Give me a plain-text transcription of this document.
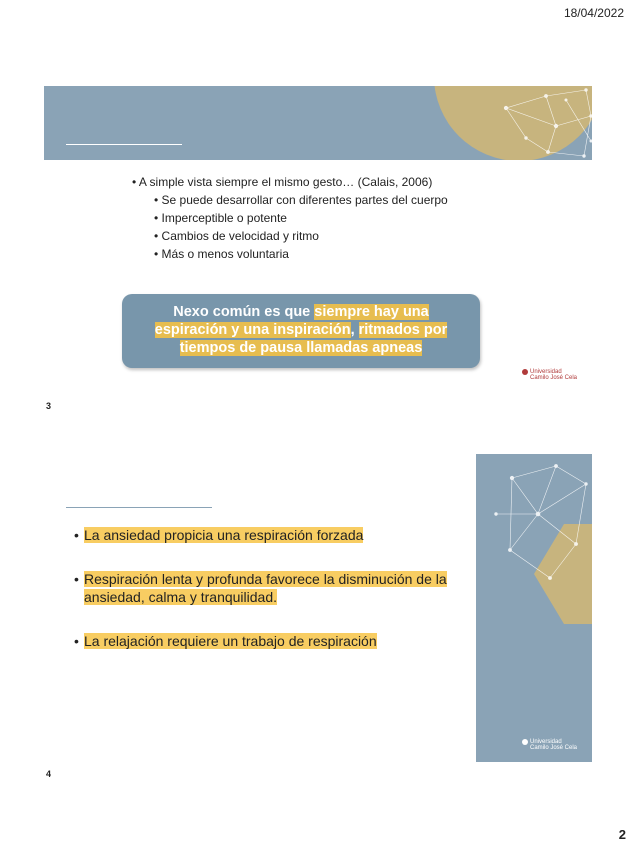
18/04/2022
• A simple vista siempre el mismo gesto… (Calais, 2006)
• Se puede desarrollar con diferentes partes del cuerpo
• Imperceptible o potente
• Cambios de velocidad y ritmo
• Más o menos voluntaria

Nexo común es que siempre hay una espiración y una inspiración, ritmados por tiempos de pausa llamadas apneas

Universidad
Camilo José Cela
3
• La ansiedad propicia una respiración forzada
• Respiración lenta y profunda favorece la disminución de la ansiedad, calma y tranquilidad.
• La relajación requiere un trabajo de respiración
Universidad
Camilo José Cela
4
2
